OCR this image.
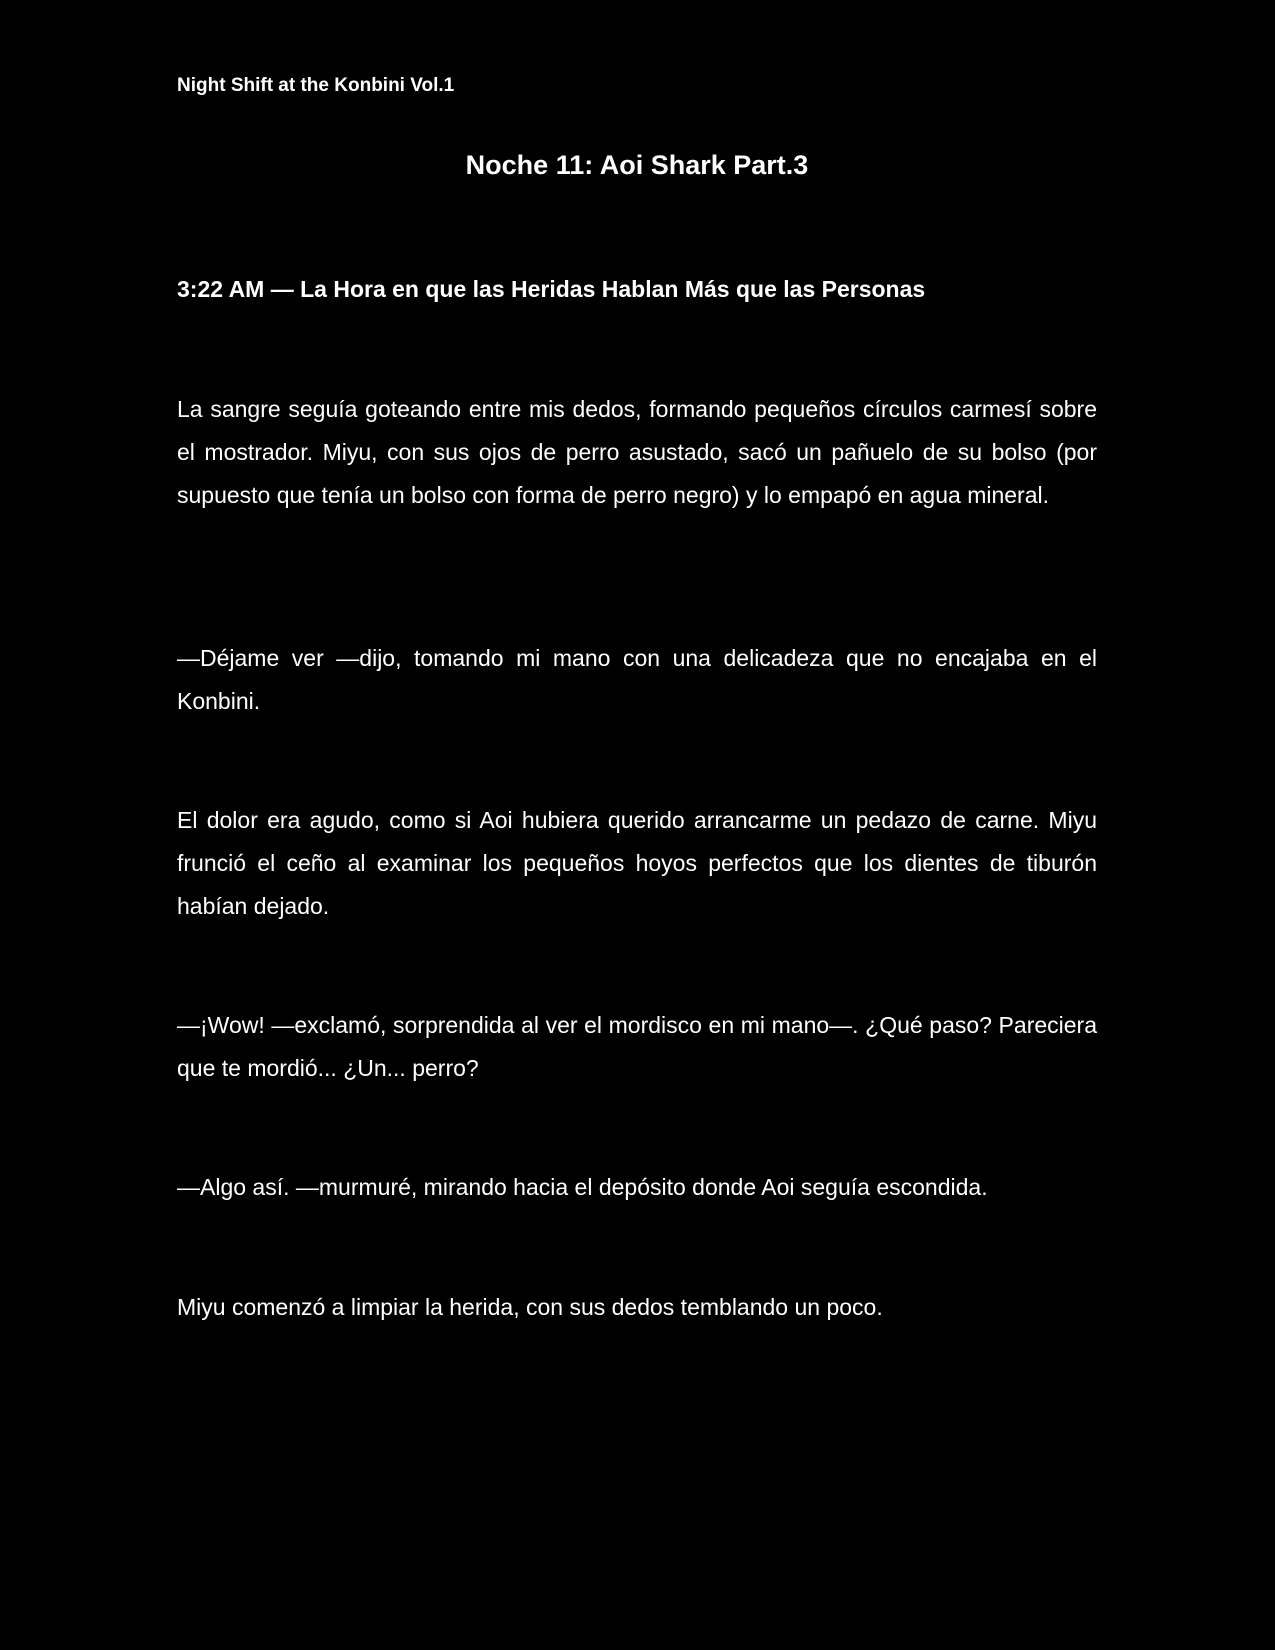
Night Shift at the Konbini Vol.1
Noche 11: Aoi Shark Part.3
3:22 AM — La Hora en que las Heridas Hablan Más que las Personas

La sangre seguía goteando entre mis dedos, formando pequeños círculos carmesí sobre el mostrador. Miyu, con sus ojos de perro asustado, sacó un pañuelo de su bolso (por supuesto que tenía un bolso con forma de perro negro) y lo empapó en agua mineral.

—Déjame ver —dijo, tomando mi mano con una delicadeza que no encajaba en el Konbini.

El dolor era agudo, como si Aoi hubiera querido arrancarme un pedazo de carne. Miyu frunció el ceño al examinar los pequeños hoyos perfectos que los dientes de tiburón habían dejado.

—¡Wow! —exclamó, sorprendida al ver el mordisco en mi mano—. ¿Qué paso? Pareciera que te mordió... ¿Un... perro?

—Algo así. —murmuré, mirando hacia el depósito donde Aoi seguía escondida.

Miyu comenzó a limpiar la herida, con sus dedos temblando un poco.
